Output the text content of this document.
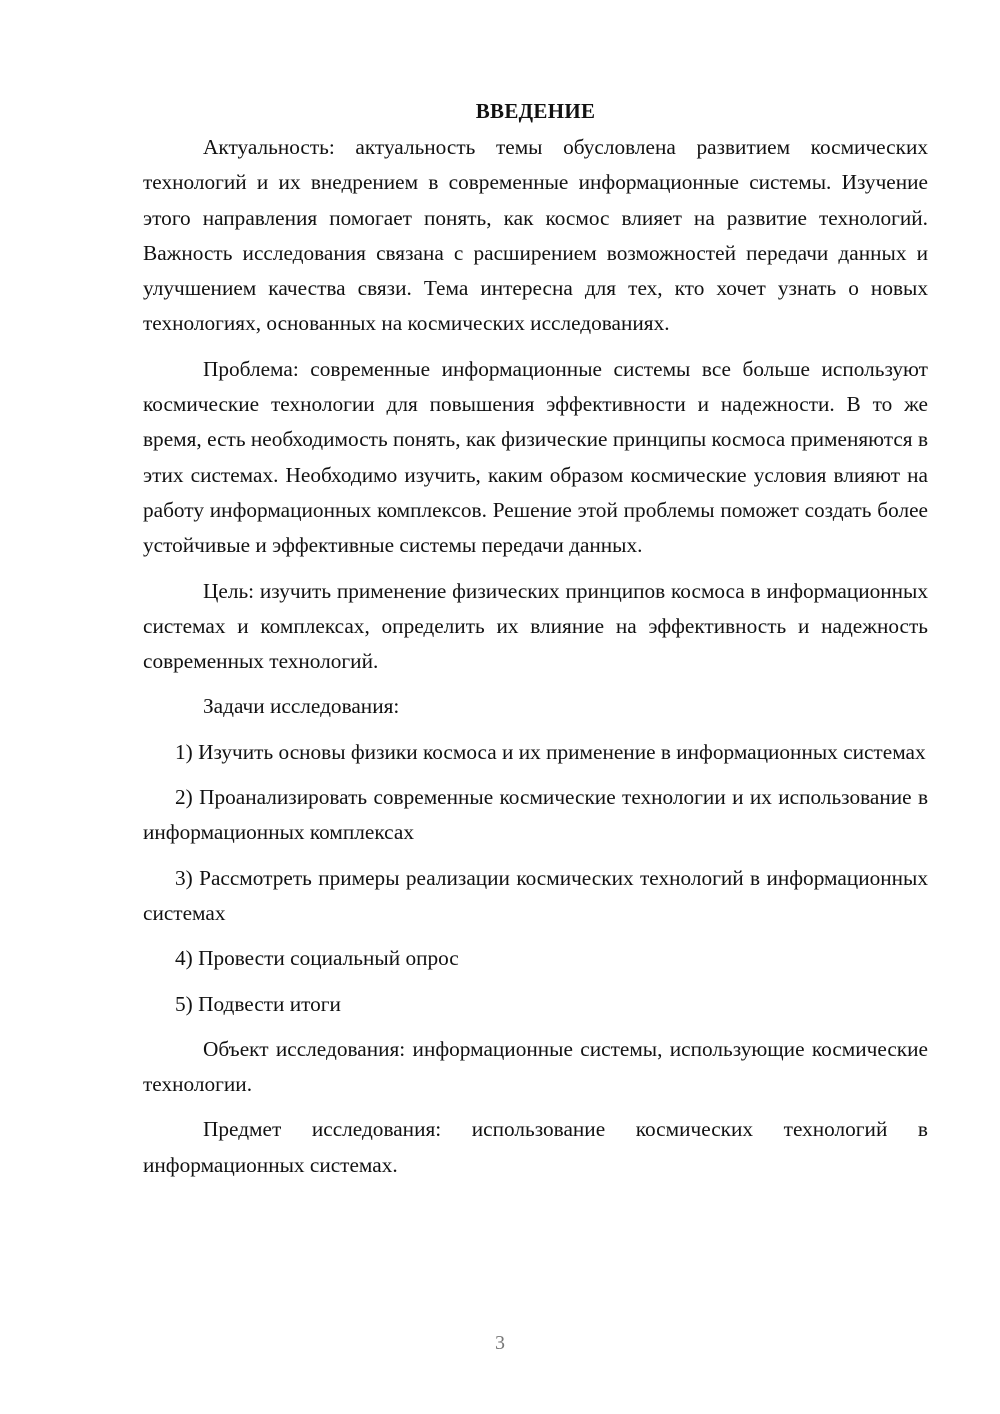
ВВЕДЕНИЕ

Актуальность: актуальность темы обусловлена развитием космических технологий и их внедрением в современные информационные системы. Изучение этого направления помогает понять, как космос влияет на развитие технологий. Важность исследования связана с расширением возможностей передачи данных и улучшением качества связи. Тема интересна для тех, кто хочет узнать о новых технологиях, основанных на космических исследованиях.

Проблема: современные информационные системы все больше используют космические технологии для повышения эффективности и надежности. В то же время, есть необходимость понять, как физические принципы космоса применяются в этих системах. Необходимо изучить, каким образом космические условия влияют на работу информационных комплексов. Решение этой проблемы поможет создать более устойчивые и эффективные системы передачи данных.

Цель: изучить применение физических принципов космоса в информационных системах и комплексах, определить их влияние на эффективность и надежность современных технологий.

Задачи исследования:

1) Изучить основы физики космоса и их применение в информационных системах

2) Проанализировать современные космические технологии и их использование в информационных комплексах

3) Рассмотреть примеры реализации космических технологий в информационных системах

4) Провести социальный опрос

5) Подвести итоги

Объект исследования: информационные системы, использующие космические технологии.

Предмет исследования: использование космических технологий в информационных системах.

3
